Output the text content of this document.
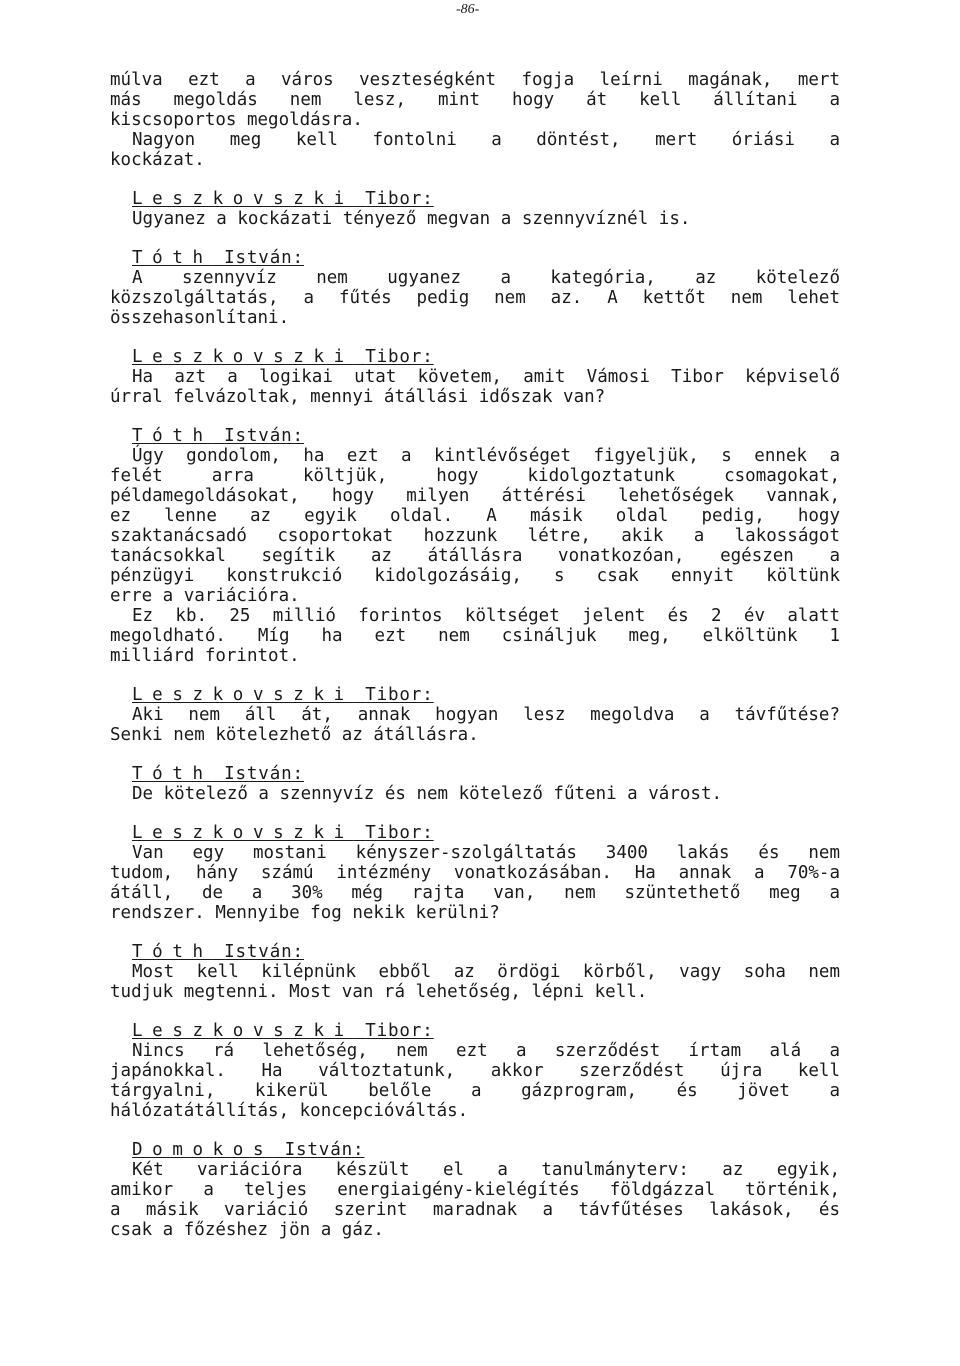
-86-
múlva ezt a város veszteségként fogja leírni magának, mert
más megoldás nem lesz, mint hogy át kell állítani a
kiscsoportos megoldásra.
Nagyon meg kell fontolni a döntést, mert óriási a
kockázat.
Leszkovszki Tibor:
Ugyanez a kockázati tényező megvan a szennyvíznél is.
Tóth István:
A szennyvíz nem ugyanez a kategória, az kötelező
közszolgáltatás, a fűtés pedig nem az. A kettőt nem lehet
összehasonlítani.
Leszkovszki Tibor:
Ha azt a logikai utat követem, amit Vámosi Tibor képviselő
úrral felvázoltak, mennyi átállási időszak van?
Tóth István:
Úgy gondolom, ha ezt a kintlévőséget figyeljük, s ennek a
felét arra költjük, hogy kidolgoztatunk csomagokat,
példamegoldásokat, hogy milyen áttérési lehetőségek vannak,
ez lenne az egyik oldal. A másik oldal pedig, hogy
szaktanácsadó csoportokat hozzunk létre, akik a lakosságot
tanácsokkal segítik az átállásra vonatkozóan, egészen a
pénzügyi konstrukció kidolgozásáig, s csak ennyit költünk
erre a variációra.
Ez kb. 25 millió forintos költséget jelent és 2 év alatt
megoldható. Míg ha ezt nem csináljuk meg, elköltünk 1
milliárd forintot.
Leszkovszki Tibor:
Aki nem áll át, annak hogyan lesz megoldva a távfűtése?
Senki nem kötelezhető az átállásra.
Tóth István:
De kötelező a szennyvíz és nem kötelező fűteni a várost.
Leszkovszki Tibor:
Van egy mostani kényszer-szolgáltatás 3400 lakás és nem
tudom, hány számú intézmény vonatkozásában. Ha annak a 70%-a
átáll, de a 30% még rajta van, nem szüntethető meg a
rendszer. Mennyibe fog nekik kerülni?
Tóth István:
Most kell kilépnünk ebből az ördögi körből, vagy soha nem
tudjuk megtenni. Most van rá lehetőség, lépni kell.
Leszkovszki Tibor:
Nincs rá lehetőség, nem ezt a szerződést írtam alá a
japánokkal. Ha változtatunk, akkor szerződést újra kell
tárgyalni, kikerül belőle a gázprogram, és jövet a
hálózatátállítás, koncepcióváltás.
Domokos István:
Két variációra készült el a tanulmányterv: az egyik,
amikor a teljes energiaigény-kielégítés földgázzal történik,
a másik variáció szerint maradnak a távfűtéses lakások, és
csak a főzéshez jön a gáz.
